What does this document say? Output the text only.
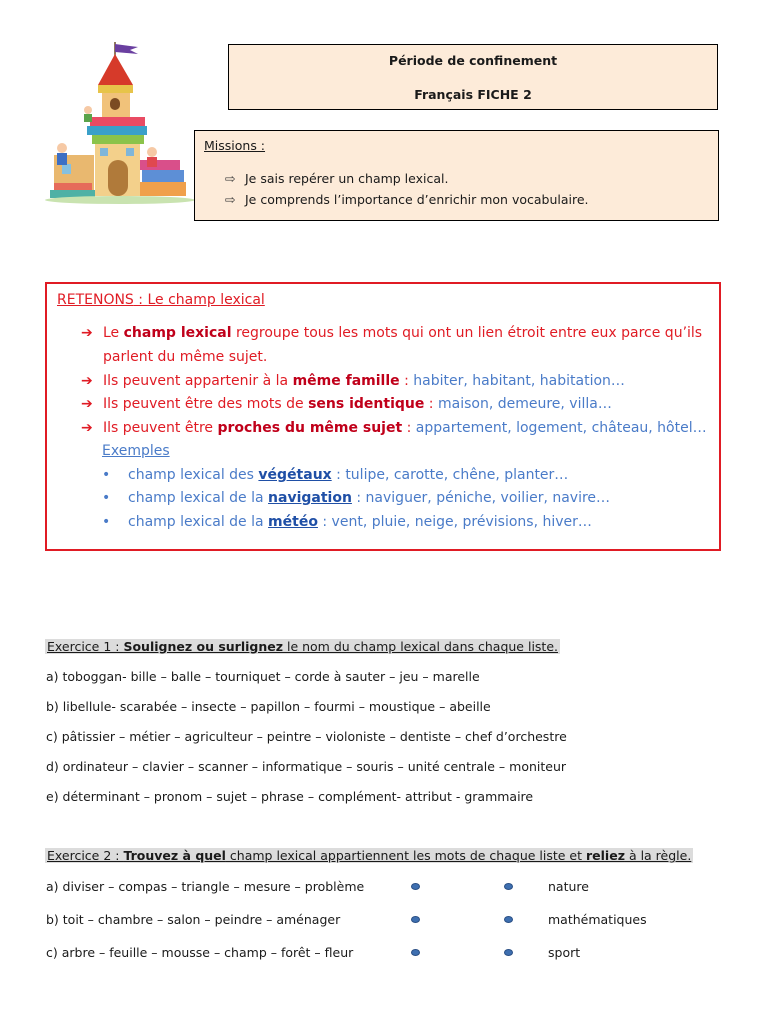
Période de confinement
Français FICHE 2
Missions :
⇨ Je sais repérer un champ lexical.
⇨ Je comprends l’importance d’enrichir mon vocabulaire.
RETENONS : Le champ lexical
➔ Le champ lexical regroupe tous les mots qui ont un lien étroit entre eux parce qu’ils
parlent du même sujet.
➔ Ils peuvent appartenir à la même famille : habiter, habitant, habitation…
➔ Ils peuvent être des mots de sens identique : maison, demeure, villa…
➔ Ils peuvent être proches du même sujet : appartement, logement, château, hôtel…
Exemples
• champ lexical des végétaux : tulipe, carotte, chêne, planter…
• champ lexical de la navigation : naviguer, péniche, voilier, navire…
• champ lexical de la météo : vent, pluie, neige, prévisions, hiver…
Exercice 1 : Soulignez ou surlignez le nom du champ lexical dans chaque liste.
a) toboggan- bille – balle – tourniquet – corde à sauter – jeu – marelle
b) libellule- scarabée – insecte – papillon – fourmi – moustique – abeille
c) pâtissier – métier – agriculteur – peintre – violoniste – dentiste – chef d’orchestre
d) ordinateur – clavier – scanner – informatique – souris – unité centrale – moniteur
e) déterminant – pronom – sujet – phrase – complément- attribut - grammaire
Exercice 2 : Trouvez à quel champ lexical appartiennent les mots de chaque liste et reliez à la règle.
a) diviser – compas – triangle – mesure – problème
b) toit – chambre – salon – peindre – aménager
c) arbre – feuille – mousse – champ – forêt – fleur
nature
mathématiques
sport
